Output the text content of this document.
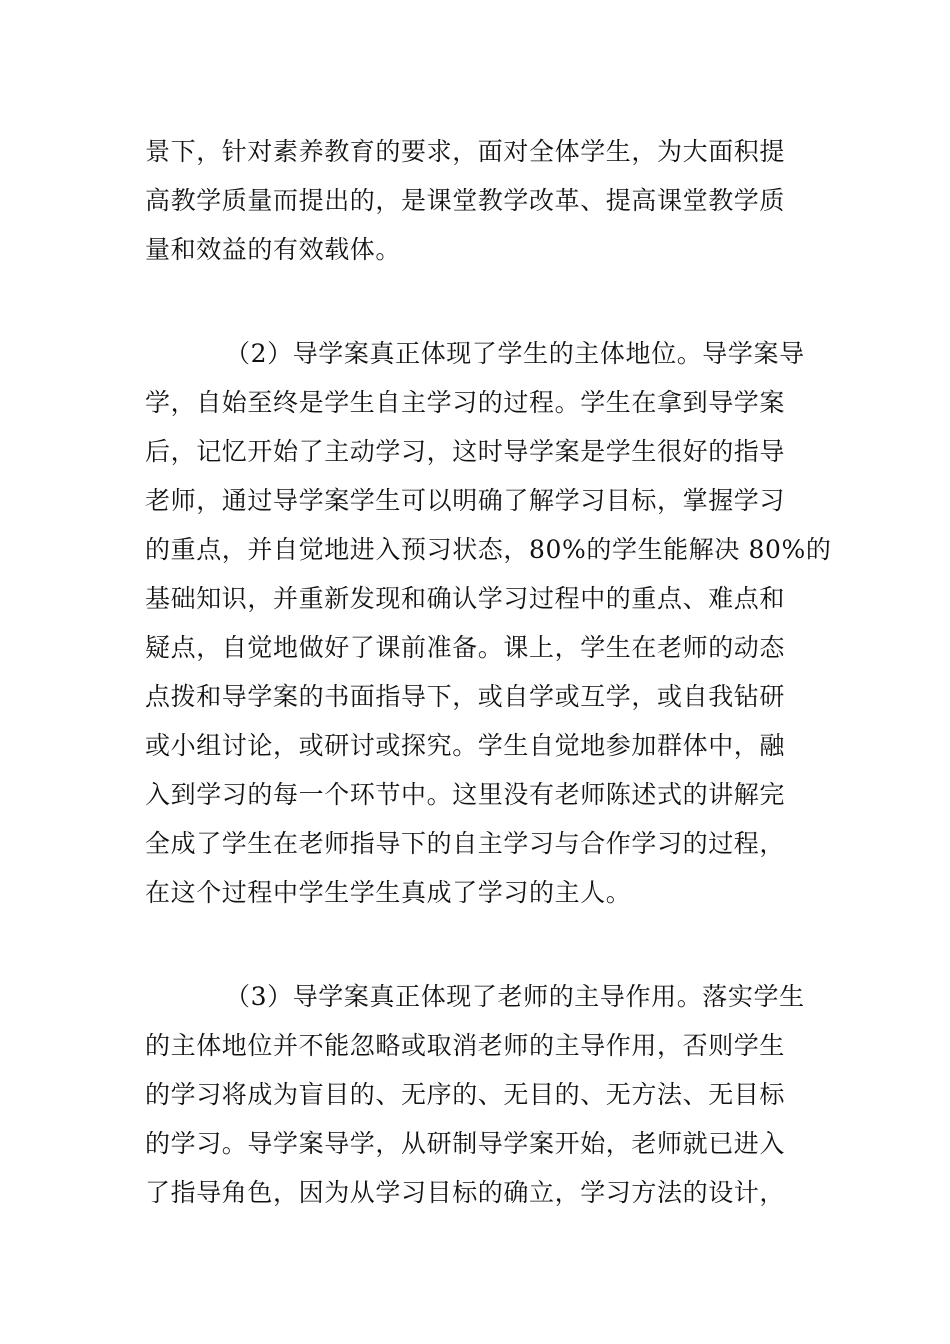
景下，针对素养教育的要求，面对全体学生，为大面积提
高教学质量而提出的，是课堂教学改革、提高课堂教学质
量和效益的有效载体。
（2）导学案真正体现了学生的主体地位。导学案导
学，自始至终是学生自主学习的过程。学生在拿到导学案
后，记忆开始了主动学习，这时导学案是学生很好的指导
老师，通过导学案学生可以明确了解学习目标，掌握学习
的重点，并自觉地进入预习状态，80%的学生能解决 80%的
基础知识，并重新发现和确认学习过程中的重点、难点和
疑点，自觉地做好了课前准备。课上，学生在老师的动态
点拨和导学案的书面指导下，或自学或互学，或自我钻研
或小组讨论，或研讨或探究。学生自觉地参加群体中，融
入到学习的每一个环节中。这里没有老师陈述式的讲解完
全成了学生在老师指导下的自主学习与合作学习的过程，
在这个过程中学生学生真成了学习的主人。
（3）导学案真正体现了老师的主导作用。落实学生
的主体地位并不能忽略或取消老师的主导作用，否则学生
的学习将成为盲目的、无序的、无目的、无方法、无目标
的学习。导学案导学，从研制导学案开始，老师就已进入
了指导角色，因为从学习目标的确立，学习方法的设计，
